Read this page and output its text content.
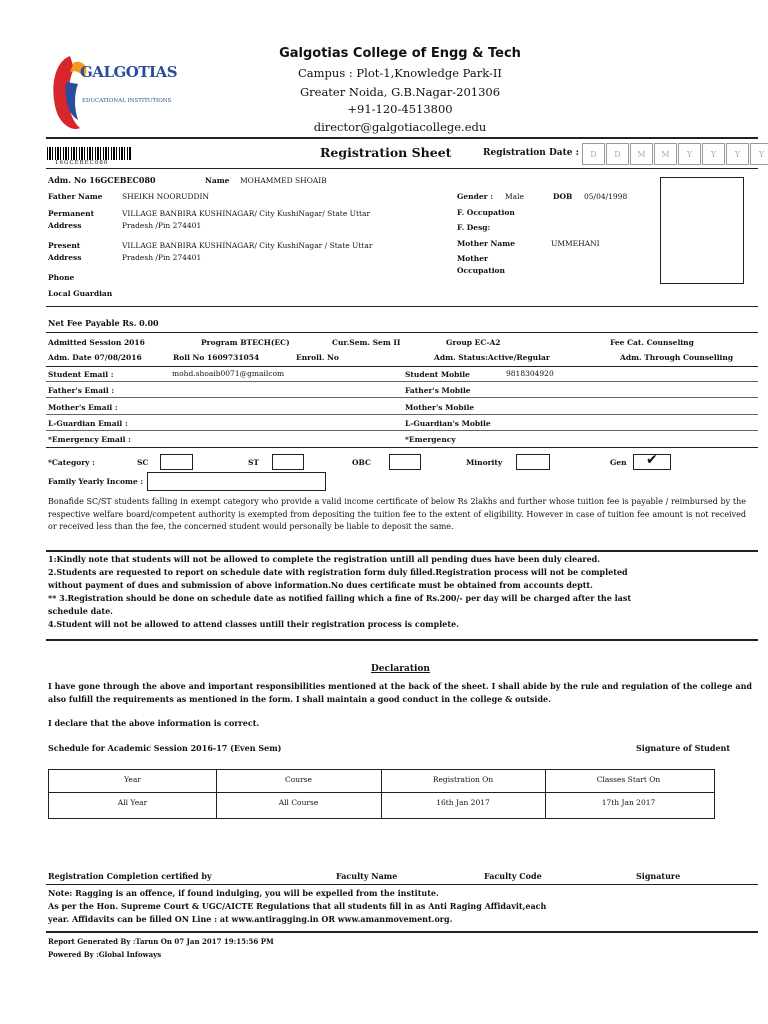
GALGOTIAS
EDUCATIONAL INSTITUTIONS
Galgotias College of Engg & Tech
Campus : Plot-1,Knowledge Park-II
Greater Noida, G.B.Nagar-201306
+91-120-4513800
director@galgotiacollege.edu
16GCEBEC080
Registration Sheet	Registration Date :	D	D	M	M	Y	Y	Y	Y
Adm. No 16GCEBEC080	Name MOHAMMED SHOAIB
Father Name	SHEIKH NOORUDDIN
Permanent
Address
VILLAGE BANBIRA KUSHINAGAR/ City KushiNagar/ State Uttar
Pradesh /Pin 274401
Present
Address
VILLAGE BANBIRA KUSHINAGAR/ City KushiNagar / State Uttar
Pradesh /Pin 274401
Phone
Local Guardian
Gender : Male	DOB 05/04/1998
F. Occupation
F. Desg:
Mother Name	UMMEHANI
Mother
Occupation
Net Fee Payable Rs. 0.00
Admitted Session 2016	Program BTECH(EC)	Cur.Sem. Sem II	Group EC-A2	Fee Cat. Counseling
Adm. Date 07/08/2016	Roll No 1609731054	Enroll. No	Adm. Status:Active/Regular	Adm. Through Counselling
Student Email :	mohd.shoaib0071@gmailcom	Student Mobile	9818304920
Father's Email :	Father's Mobile
Mother's Email :	Mother's Mobile
L-Guardian Email :	L-Guardian's Mobile
*Emergency Email :	*Emergency
*Category :	SC	ST	OBC	Minority	Gen ✔
Family Yearly Income :
Bonafide SC/ST students falling in exempt category who provide a valid income certificate of below Rs 2lakhs and further whose tuition fee is payable / reimbursed by the respective welfare board/competent authority is exempted from depositing the tuition fee to the extent of eligibility. However in case of tuition fee amount is not received or received less than the fee, the concerned student would personally be liable to deposit the same.
1:Kindly note that students will not be allowed to complete the registration untill all pending dues have been duly cleared.
2.Students are requested to report on schedule date with registration form duly filled.Registration process will not be completed
without payment of dues and submission of above information.No dues certificate must be obtained from accounts deptt.
** 3.Registration should be done on schedule date as notified failing which a fine of Rs.200/- per day will be charged after the last
schedule date.
4.Student will not be allowed to attend classes untill their registration process is complete.
Declaration
I have gone through the above and important responsibilities mentioned at the back of the sheet. I shall abide by the rule and regulation of the college and also fulfill the requirements as mentioned in the form. I shall maintain a good conduct in the college & outside.
I declare that the above information is correct.
Schedule for Academic Session 2016-17 (Even Sem)	Signature of Student
Year	Course	Registration On	Classes Start On
All Year	All Course	16th Jan 2017	17th Jan 2017
Registration Completion certified by	Faculty Name	Faculty Code	Signature
Note: Ragging is an offence, if found indulging, you will be expelled from the institute.
As per the Hon. Supreme Court & UGC/AICTE Regulations that all students fill in as Anti Raging Affidavit,each
year. Affidavits can be filled ON Line : at www.antiragging.in OR www.amanmovement.org.
Report Generated By :Tarun On 07 Jan 2017 19:15:56 PM
Powered By :Global Infoways
